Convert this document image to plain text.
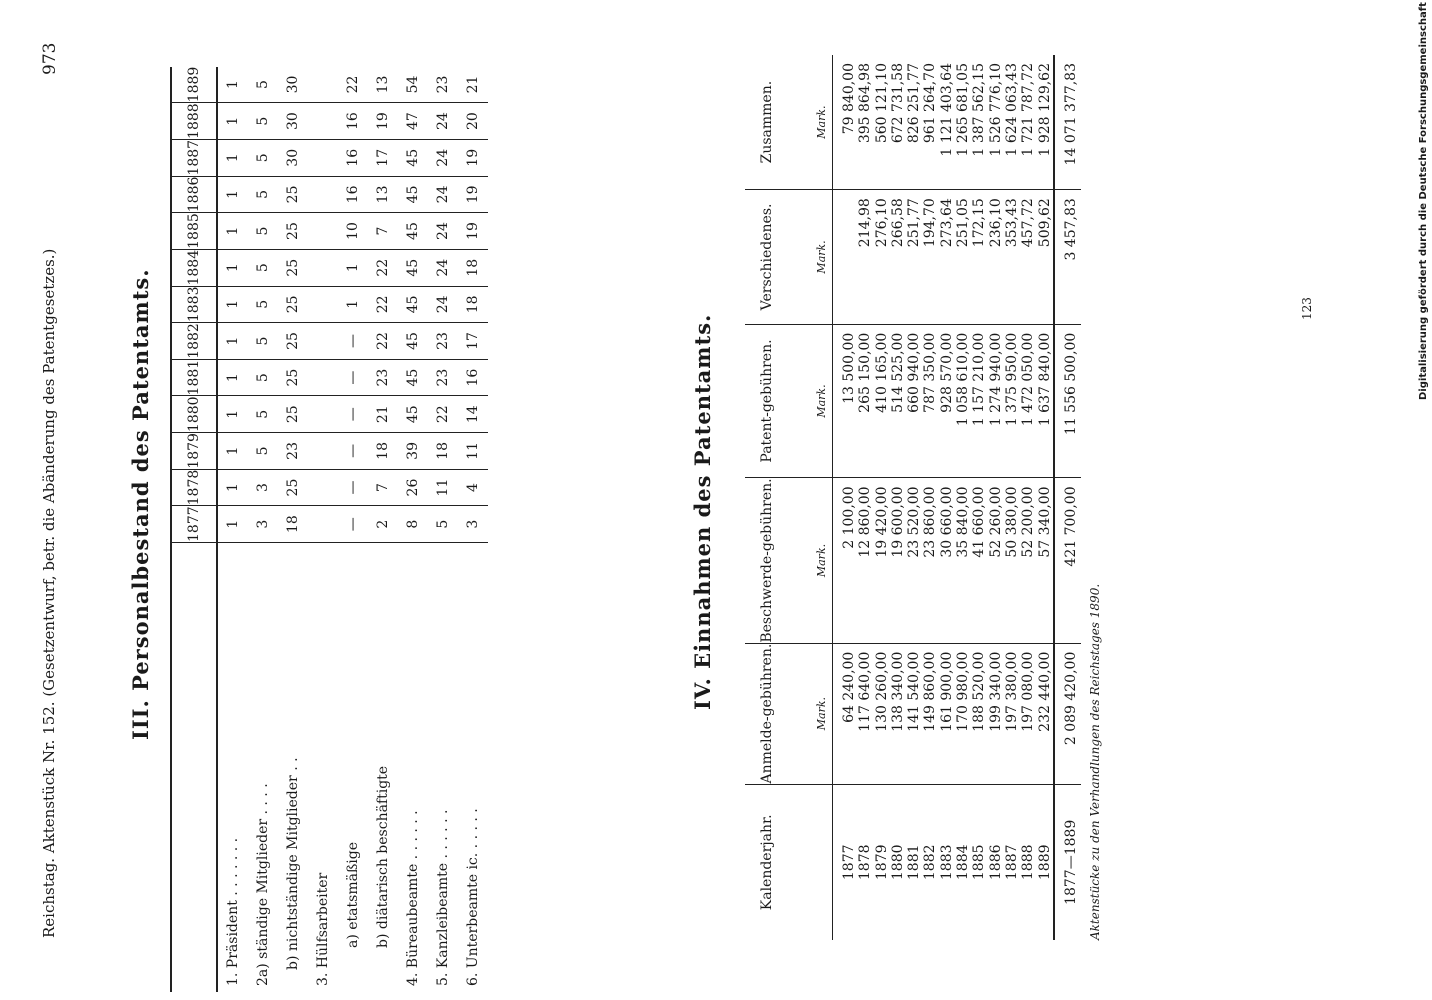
Reichstag. Aktenstück Nr. 152. (Gesetzentwurf, betr. die Abänderung des Patentgesetzes.)
973
III. Personalbestand des Patentamts.
	1877	1878	1879	1880	1881	1882	1883	1884	1885	1886	1887	1888	1889
1. Präsident . . . . . . .	1	1	1	1	1	1	1	1	1	1	1	1	1
2a) ständige Mitglieder . . . .	3	3	5	5	5	5	5	5	5	5	5	5	5
b) nichtständige Mitglieder . .	18	25	23	25	25	25	25	25	25	25	30	30	30
3. Hülfsarbeiter													
a) etatsmäßige	—	—	—	—	—	—	1	1	10	16	16	16	22
b) diätarisch beschäftigte	2	7	18	21	23	22	22	22	7	13	17	19	13
4. Büreaubeamte . . . . . .	8	26	39	45	45	45	45	45	45	45	45	47	54
5. Kanzleibeamte . . . . . .	5	11	18	22	23	23	24	24	24	24	24	24	23
6. Unterbeamte ic. . . . . .	3	4	11	14	16	17	18	18	19	19	19	20	21
IV. Einnahmen des Patentamts.
Kalenderjahr.	Anmelde-gebühren. Mark.	Beschwerde-gebühren. Mark.	Patent-gebühren. Mark.	Verschiedenes. Mark.	Zusammen. Mark.

1877	64 240,00	2 100,00	13 500,00		79 840,00
1878	117 640,00	12 860,00	265 150,00	214,98	395 864,98
1879	130 260,00	19 420,00	410 165,00	276,10	560 121,10
1880	138 340,00	19 600,00	514 525,00	266,58	672 731,58
1881	141 540,00	23 520,00	660 940,00	251,77	826 251,77
1882	149 860,00	23 860,00	787 350,00	194,70	961 264,70
1883	161 900,00	30 660,00	928 570,00	273,64	1 121 403,64
1884	170 980,00	35 840,00	1 058 610,00	251,05	1 265 681,05
1885	188 520,00	41 660,00	1 157 210,00	172,15	1 387 562,15
1886	199 340,00	52 260,00	1 274 940,00	236,10	1 526 776,10
1887	197 380,00	50 380,00	1 375 950,00	353,43	1 624 063,43
1888	197 080,00	52 200,00	1 472 050,00	457,72	1 721 787,72
1889	232 440,00	57 340,00	1 637 840,00	509,62	1 928 129,62
1877—1889	2 089 420,00	421 700,00	11 556 500,00	3 457,83	14 071 377,83
Aktenstücke zu den Verhandlungen des Reichstages 1890.
123	Digitalisierung gefördert durch die Deutsche Forschungsgemeinschaft
